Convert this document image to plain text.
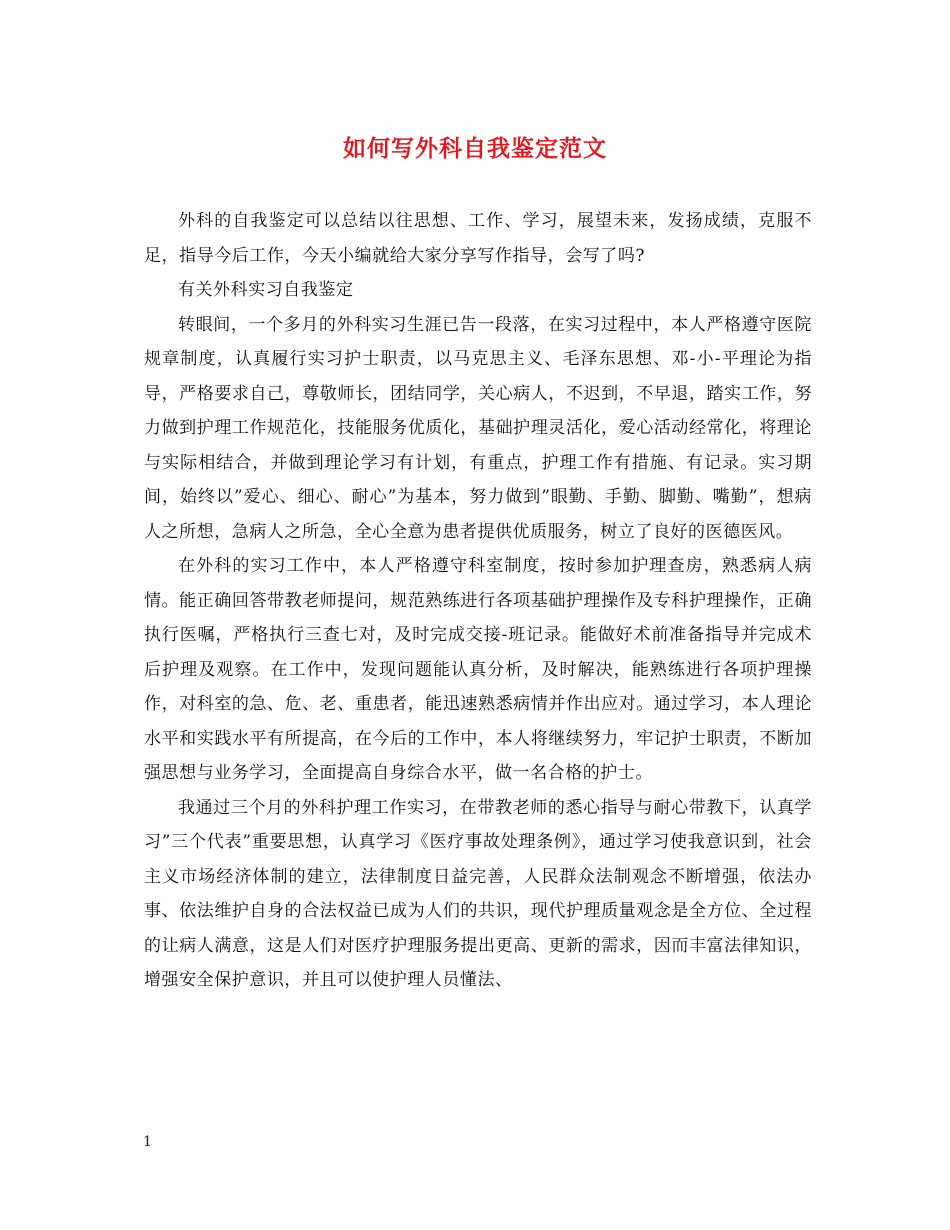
如何写外科自我鉴定范文

外科的自我鉴定可以总结以往思想、工作、学习，展望未来，发扬成绩，克服不足，指导今后工作，今天小编就给大家分享写作指导，会写了吗?

有关外科实习自我鉴定

转眼间，一个多月的外科实习生涯已告一段落，在实习过程中，本人严格遵守医院规章制度，认真履行实习护士职责，以马克思主义、毛泽东思想、邓-小-平理论为指导，严格要求自己，尊敬师长，团结同学，关心病人，不迟到，不早退，踏实工作，努力做到护理工作规范化，技能服务优质化，基础护理灵活化，爱心活动经常化，将理论与实际相结合，并做到理论学习有计划，有重点，护理工作有措施、有记录。实习期间，始终以”爱心、细心、耐心”为基本，努力做到”眼勤、手勤、脚勤、嘴勤”，想病人之所想，急病人之所急，全心全意为患者提供优质服务，树立了良好的医德医风。

在外科的实习工作中，本人严格遵守科室制度，按时参加护理查房，熟悉病人病情。能正确回答带教老师提问，规范熟练进行各项基础护理操作及专科护理操作，正确执行医嘱，严格执行三查七对，及时完成交接-班记录。能做好术前准备指导并完成术后护理及观察。在工作中，发现问题能认真分析，及时解决，能熟练进行各项护理操作，对科室的急、危、老、重患者，能迅速熟悉病情并作出应对。通过学习，本人理论水平和实践水平有所提高，在今后的工作中，本人将继续努力，牢记护士职责，不断加强思想与业务学习，全面提高自身综合水平，做一名合格的护士。

我通过三个月的外科护理工作实习，在带教老师的悉心指导与耐心带教下，认真学习”三个代表”重要思想，认真学习《医疗事故处理条例》，通过学习使我意识到，社会主义市场经济体制的建立，法律制度日益完善，人民群众法制观念不断增强，依法办事、依法维护自身的合法权益已成为人们的共识，现代护理质量观念是全方位、全过程的让病人满意，这是人们对医疗护理服务提出更高、更新的需求，因而丰富法律知识，增强安全保护意识，并且可以使护理人员懂法、

1
